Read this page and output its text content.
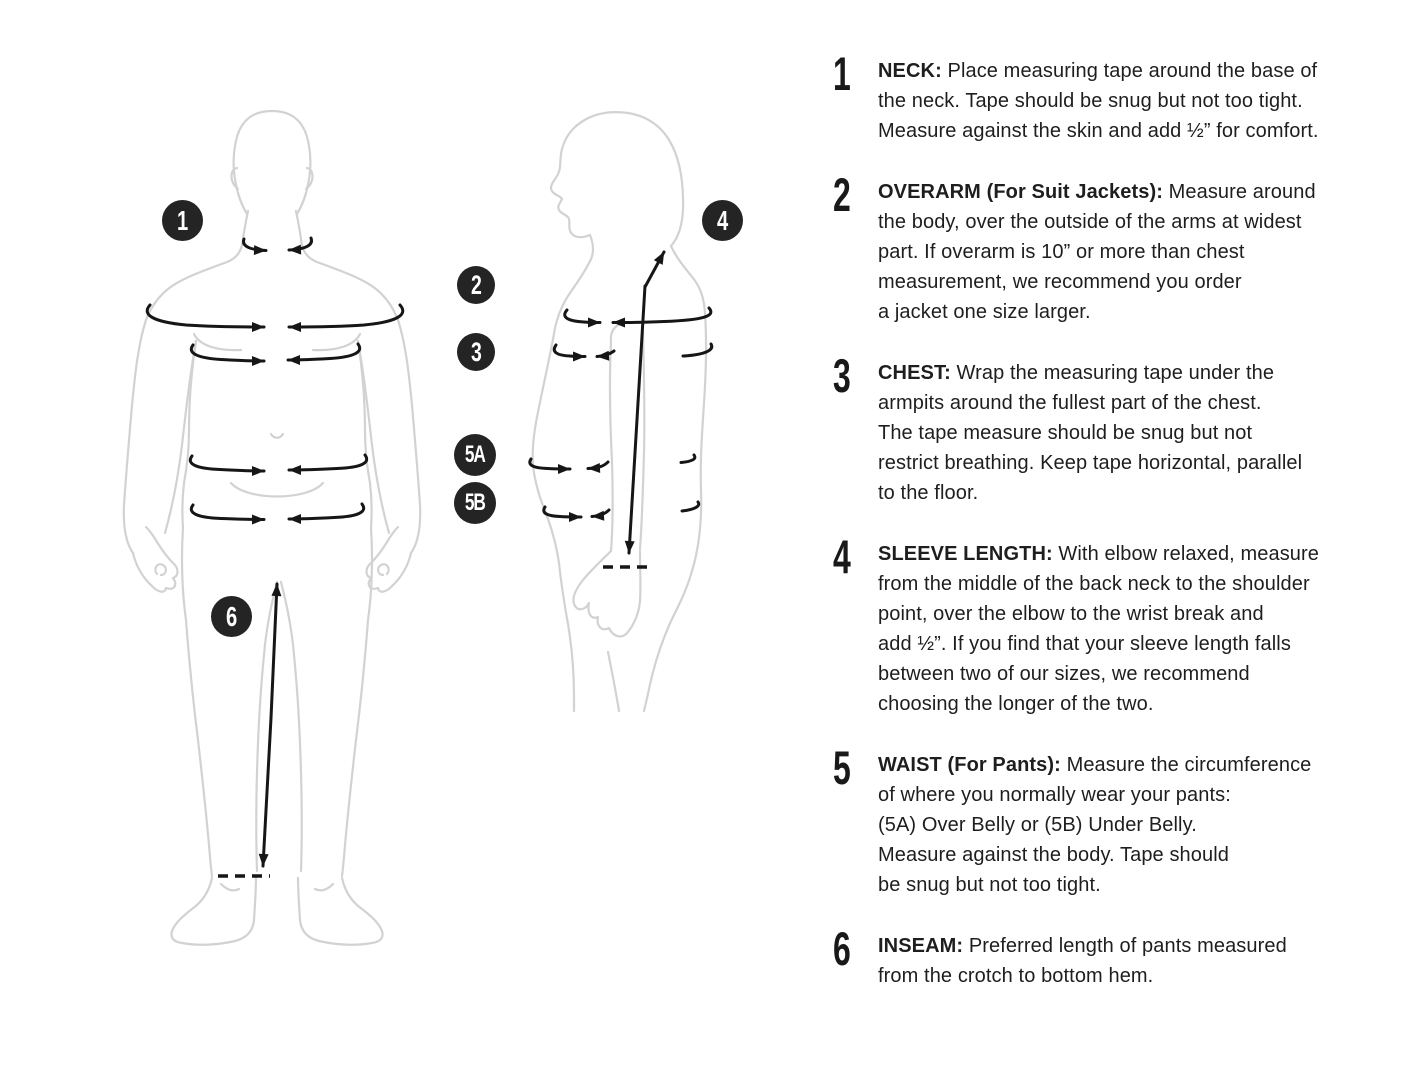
1
2
3
4
5A
5B
6
1	NECK: Place measuring tape around the base of
the neck. Tape should be snug but not too tight.
Measure against the skin and add ½” for comfort.
2	OVERARM (For Suit Jackets): Measure around
the body, over the outside of the arms at widest
part. If overarm is 10” or more than chest
measurement, we recommend you order
a jacket one size larger.
3	CHEST: Wrap the measuring tape under the
armpits around the fullest part of the chest.
The tape measure should be snug but not
restrict breathing. Keep tape horizontal, parallel
to the floor.
4	SLEEVE LENGTH: With elbow relaxed, measure
from the middle of the back neck to the shoulder
point, over the elbow to the wrist break and
add ½”. If you find that your sleeve length falls
between two of our sizes, we recommend
choosing the longer of the two.
5	WAIST (For Pants): Measure the circumference
of where you normally wear your pants:
(5A) Over Belly or (5B) Under Belly.
Measure against the body. Tape should
be snug but not too tight.
6	INSEAM: Preferred length of pants measured
from the crotch to bottom hem.
